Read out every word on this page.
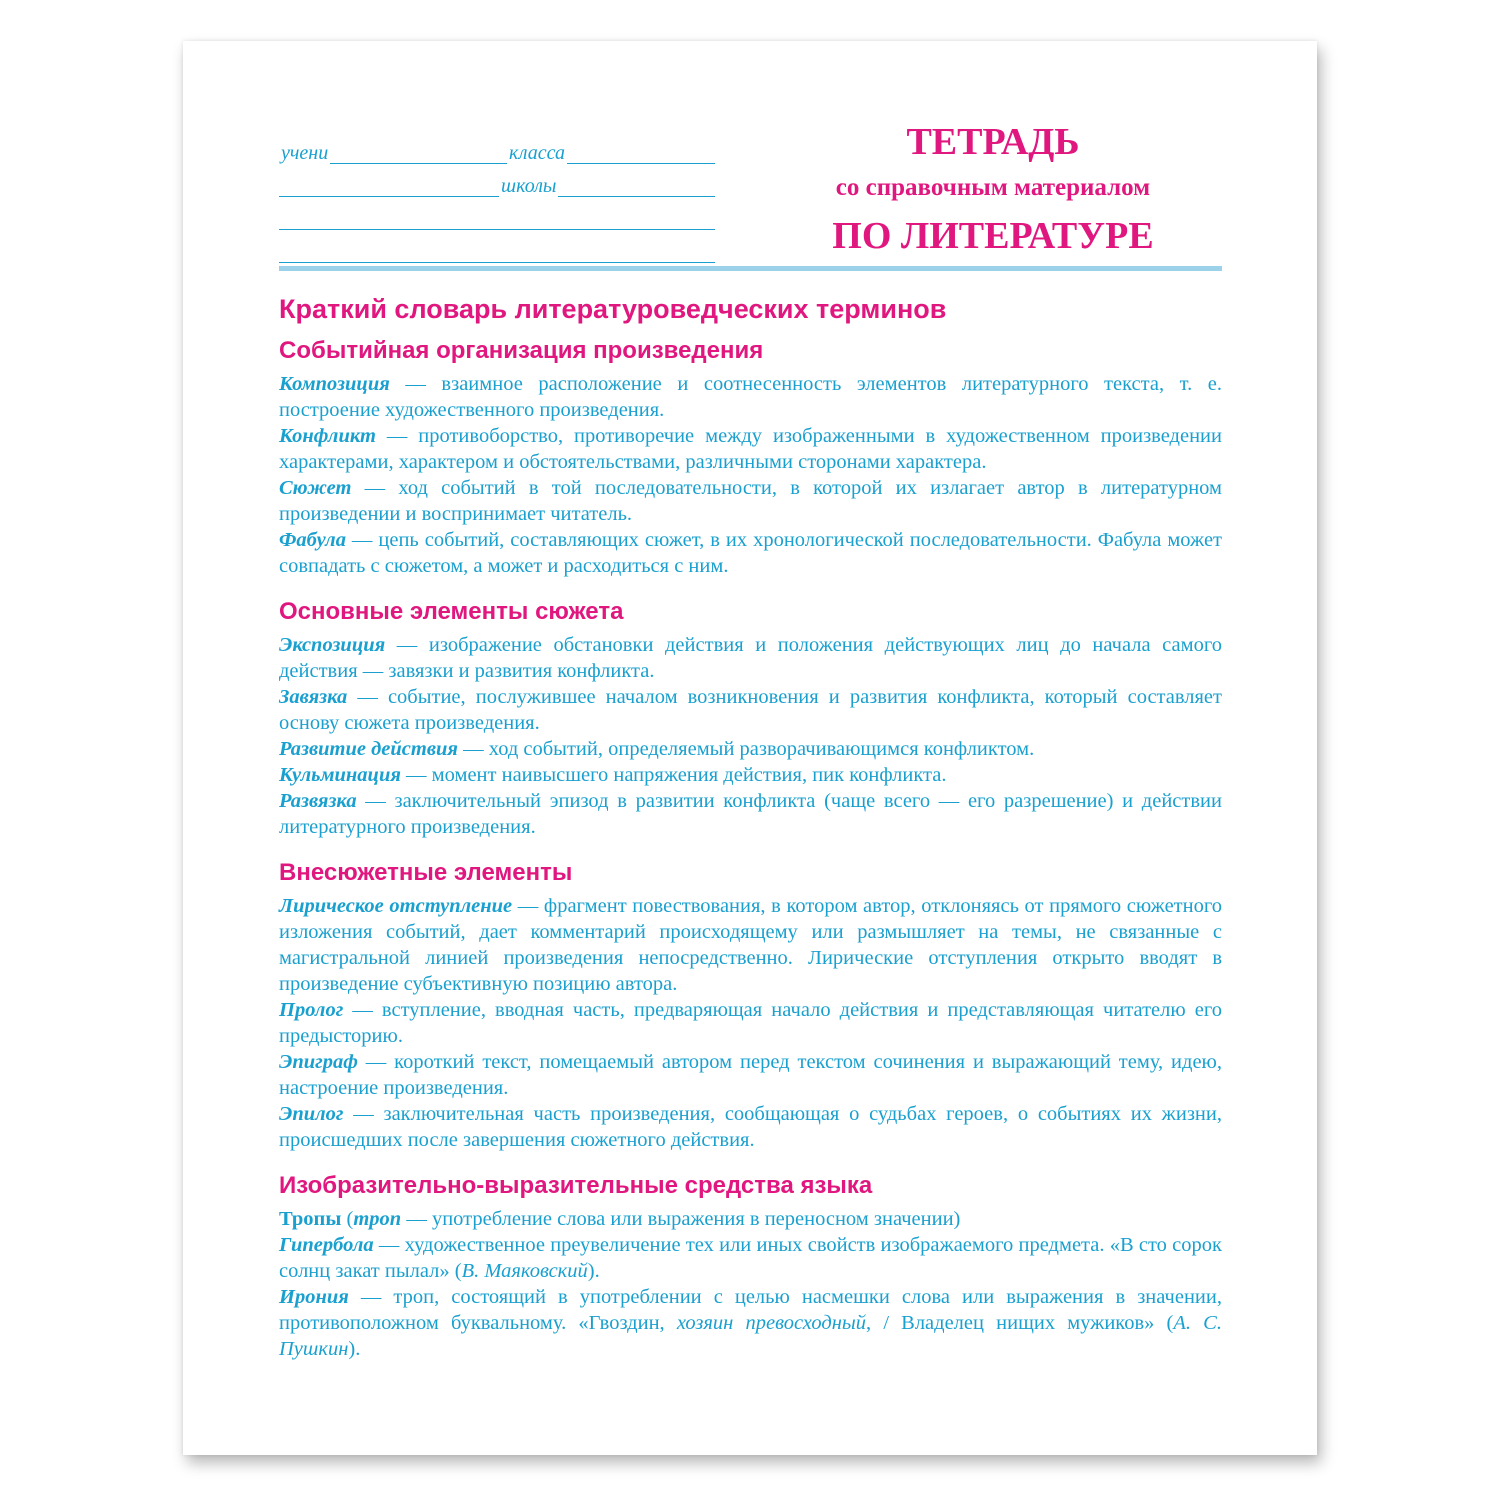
учени	класса
школы
ТЕТРАДЬ
со справочным материалом
ПО ЛИТЕРАТУРЕ
Краткий словарь литературоведческих терминов
Событийная организация произведения

Композиция — взаимное расположение и соотнесенность элементов литературного текста, т. е. построение художественного произведения.

Конфликт — противоборство, противоречие между изображенными в художественном произведении характерами, характером и обстоятельствами, различными сторонами характера.

Сюжет — ход событий в той последовательности, в которой их излагает автор в литературном произведении и воспринимает читатель.

Фабула — цепь событий, составляющих сюжет, в их хронологической последовательности. Фабула может совпадать с сюжетом, а может и расходиться с ним.

Основные элементы сюжета

Экспозиция — изображение обстановки действия и положения действующих лиц до начала самого действия — завязки и развития конфликта.

Завязка — событие, послужившее началом возникновения и развития конфликта, который составляет основу сюжета произведения.

Развитие действия — ход событий, определяемый разворачивающимся конфликтом.

Кульминация — момент наивысшего напряжения действия, пик конфликта.

Развязка — заключительный эпизод в развитии конфликта (чаще всего — его разрешение) и действии литературного произведения.

Внесюжетные элементы

Лирическое отступление — фрагмент повествования, в котором автор, отклоняясь от прямого сюжетного изложения событий, дает комментарий происходящему или размышляет на темы, не связанные с магистральной линией произведения непосредственно. Лирические отступления открыто вводят в произведение субъективную позицию автора.

Пролог — вступление, вводная часть, предваряющая начало действия и представляющая читателю его предысторию.

Эпиграф — короткий текст, помещаемый автором перед текстом сочинения и выражающий тему, идею, настроение произведения.

Эпилог — заключительная часть произведения, сообщающая о судьбах героев, о событиях их жизни, происшедших после завершения сюжетного действия.

Изобразительно-выразительные средства языка

Тропы (троп — употребление слова или выражения в переносном значении)

Гипербола — художественное преувеличение тех или иных свойств изображаемого предмета. «В сто сорок солнц закат пылал» (В. Маяковский).

Ирония — троп, состоящий в употреблении с целью насмешки слова или выражения в значении, противоположном буквальному. «Гвоздин, хозяин превосходный, / Владелец нищих мужиков» (А. С. Пушкин).
